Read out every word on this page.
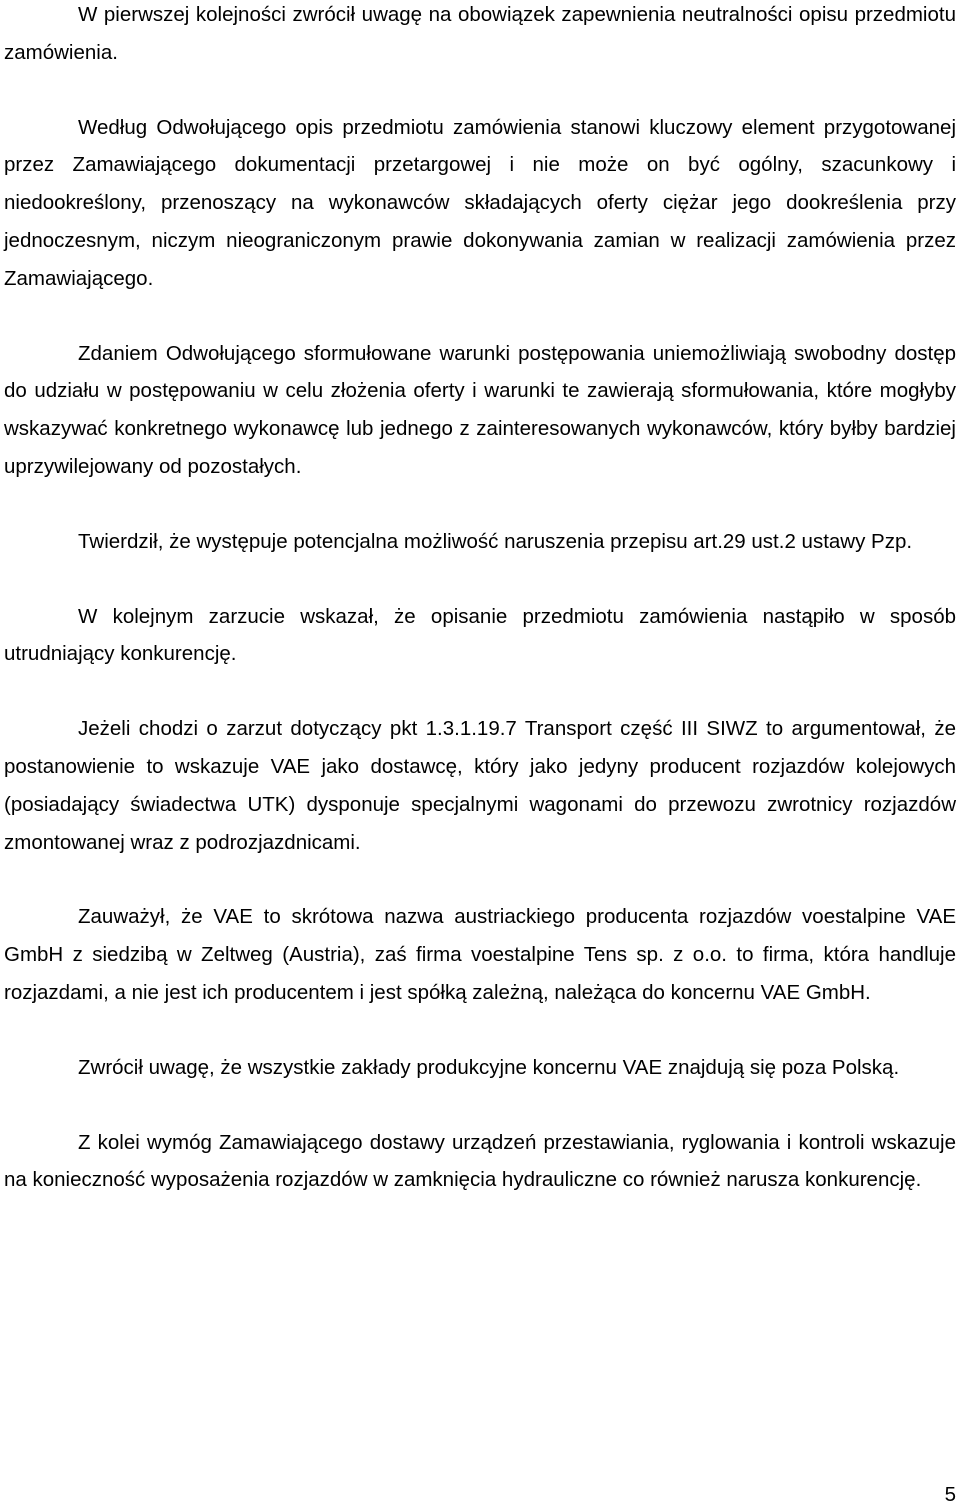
W pierwszej kolejności zwrócił uwagę na obowiązek zapewnienia neutralności opisu przedmiotu zamówienia.

Według Odwołującego opis przedmiotu zamówienia stanowi kluczowy element przygotowanej przez Zamawiającego dokumentacji przetargowej i nie może on być ogólny, szacunkowy i niedookreślony, przenoszący na wykonawców składających oferty ciężar jego dookreślenia przy jednoczesnym, niczym nieograniczonym prawie dokonywania zamian w realizacji zamówienia przez Zamawiającego.

Zdaniem Odwołującego sformułowane warunki postępowania uniemożliwiają swobodny dostęp do udziału w postępowaniu w celu złożenia oferty i warunki te zawierają sformułowania, które mogłyby wskazywać konkretnego wykonawcę lub jednego z zainteresowanych wykonawców, który byłby bardziej uprzywilejowany od pozostałych.

Twierdził, że występuje potencjalna możliwość naruszenia przepisu art.29 ust.2 ustawy Pzp.

W kolejnym zarzucie wskazał, że opisanie przedmiotu zamówienia nastąpiło w sposób utrudniający konkurencję.

Jeżeli chodzi o zarzut dotyczący pkt 1.3.1.19.7 Transport część III SIWZ to argumentował, że postanowienie to wskazuje VAE jako dostawcę, który jako jedyny producent rozjazdów kolejowych (posiadający świadectwa UTK) dysponuje specjalnymi wagonami do przewozu zwrotnicy rozjazdów zmontowanej wraz z podrozjazdnicami.

Zauważył, że VAE to skrótowa nazwa austriackiego producenta rozjazdów voestalpine VAE GmbH z siedzibą w Zeltweg (Austria), zaś firma voestalpine Tens sp. z o.o. to firma, która handluje rozjazdami, a nie jest ich producentem i jest spółką zależną, należąca do koncernu VAE GmbH.

Zwrócił uwagę, że wszystkie zakłady produkcyjne koncernu VAE znajdują się poza Polską.

Z kolei wymóg Zamawiającego dostawy urządzeń przestawiania, ryglowania i kontroli wskazuje na konieczność wyposażenia rozjazdów w zamknięcia hydrauliczne co również narusza konkurencję.

5
